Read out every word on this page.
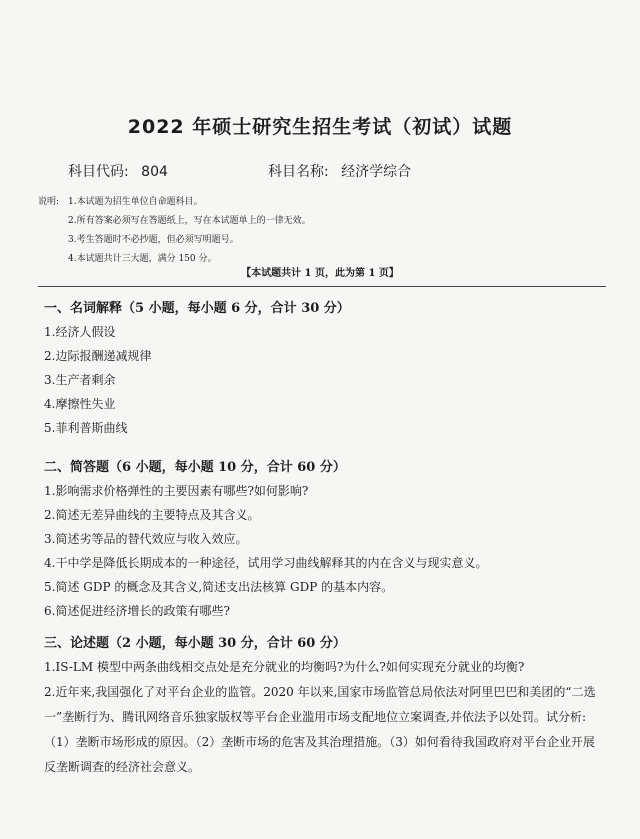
2022 年硕士研究生招生考试（初试）试题
科目代码: 804	科目名称: 经济学综合
说明: 1.本试题为招生单位自命题科目。
2.所有答案必须写在答题纸上，写在本试题单上的一律无效。
3.考生答题时不必抄题，但必须写明题号。
4.本试题共计三大题，满分 150 分。
【本试题共计 1 页，此为第 1 页】
一、名词解释（5 小题，每小题 6 分，合计 30 分）
1.经济人假设
2.边际报酬递减规律
3.生产者剩余
4.摩擦性失业
5.菲利普斯曲线
二、简答题（6 小题，每小题 10 分，合计 60 分）
1.影响需求价格弹性的主要因素有哪些?如何影响?
2.简述无差异曲线的主要特点及其含义。
3.简述劣等品的替代效应与收入效应。
4.干中学是降低长期成本的一种途径，试用学习曲线解释其的内在含义与现实意义。
5.简述 GDP 的概念及其含义,简述支出法核算 GDP 的基本内容。
6.简述促进经济增长的政策有哪些?
三、论述题（2 小题，每小题 30 分，合计 60 分）
1.IS-LM 模型中两条曲线相交点处是充分就业的均衡吗?为什么?如何实现充分就业的均衡?
2.近年来,我国强化了对平台企业的监管。2020 年以来,国家市场监管总局依法对阿里巴巴和美团的“二选一”垄断行为、腾讯网络音乐独家版权等平台企业滥用市场支配地位立案调查,并依法予以处罚。试分析:（1）垄断市场形成的原因。（2）垄断市场的危害及其治理措施。（3）如何看待我国政府对平台企业开展反垄断调查的经济社会意义。
